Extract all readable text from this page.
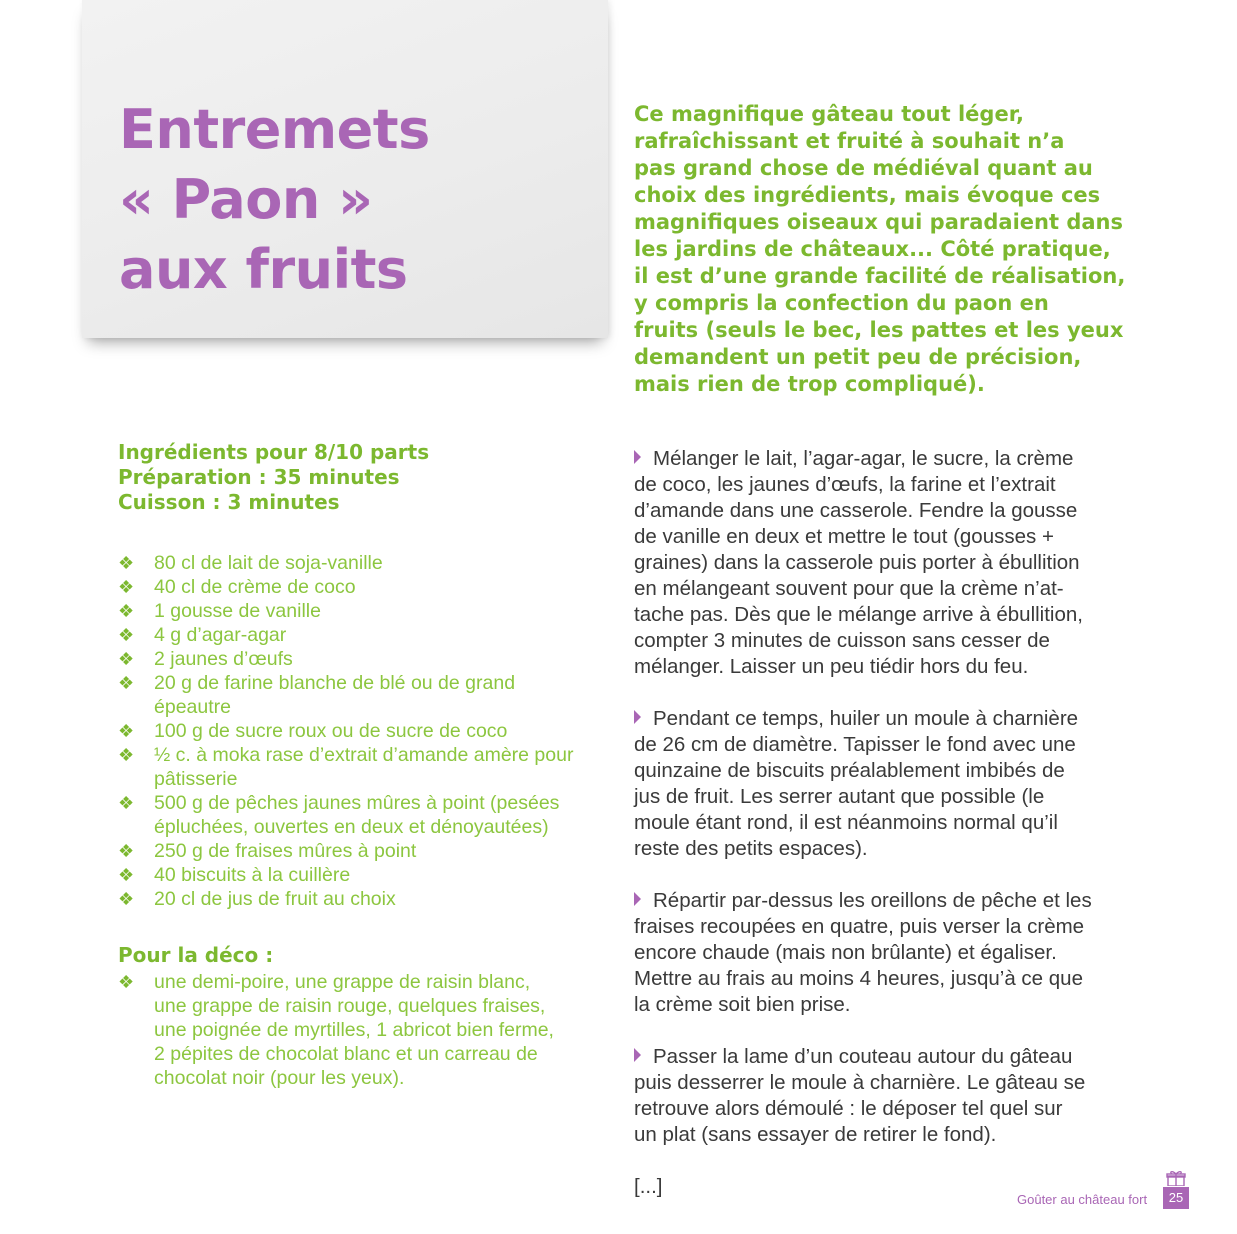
Entremets
« Paon »
aux fruits

Ce magnifique gâteau tout léger,
rafraîchissant et fruité à souhait n’a
pas grand chose de médiéval quant au
choix des ingrédients, mais évoque ces
magnifiques oiseaux qui paradaient dans
les jardins de châteaux... Côté pratique,
il est d’une grande facilité de réalisation,
y compris la confection du paon en
fruits (seuls le bec, les pattes et les yeux
demandent un petit peu de précision,
mais rien de trop compliqué).

Ingrédients pour 8/10 parts
Préparation : 35 minutes
Cuisson : 3 minutes

❖ 80 cl de lait de soja-vanille
❖ 40 cl de crème de coco
❖ 1 gousse de vanille
❖ 4 g d’agar-agar
❖ 2 jaunes d’œufs
❖ 20 g de farine blanche de blé ou de grand épeautre
❖ 100 g de sucre roux ou de sucre de coco
❖ ½ c. à moka rase d’extrait d’amande amère pour pâtisserie
❖ 500 g de pêches jaunes mûres à point (pesées épluchées, ouvertes en deux et dénoyautées)
❖ 250 g de fraises mûres à point
❖ 40 biscuits à la cuillère
❖ 20 cl de jus de fruit au choix

Pour la déco :

❖ une demi-poire, une grappe de raisin blanc,
une grappe de raisin rouge, quelques fraises,
une poignée de myrtilles, 1 abricot bien ferme,
2 pépites de chocolat blanc et un carreau de
chocolat noir (pour les yeux).

Mélanger le lait, l’agar-agar, le sucre, la crème
de coco, les jaunes d’œufs, la farine et l’extrait
d’amande dans une casserole. Fendre la gousse
de vanille en deux et mettre le tout (gousses +
graines) dans la casserole puis porter à ébullition
en mélangeant souvent pour que la crème n’at-
tache pas. Dès que le mélange arrive à ébullition,
compter 3 minutes de cuisson sans cesser de
mélanger. Laisser un peu tiédir hors du feu.

Pendant ce temps, huiler un moule à charnière
de 26 cm de diamètre. Tapisser le fond avec une
quinzaine de biscuits préalablement imbibés de
jus de fruit. Les serrer autant que possible (le
moule étant rond, il est néanmoins normal qu’il
reste des petits espaces).

Répartir par-dessus les oreillons de pêche et les
fraises recoupées en quatre, puis verser la crème
encore chaude (mais non brûlante) et égaliser.
Mettre au frais au moins 4 heures, jusqu’à ce que
la crème soit bien prise.

Passer la lame d’un couteau autour du gâteau
puis desserrer le moule à charnière. Le gâteau se
retrouve alors démoulé : le déposer tel quel sur
un plat (sans essayer de retirer le fond).

[...]

Goûter au château fort	25
